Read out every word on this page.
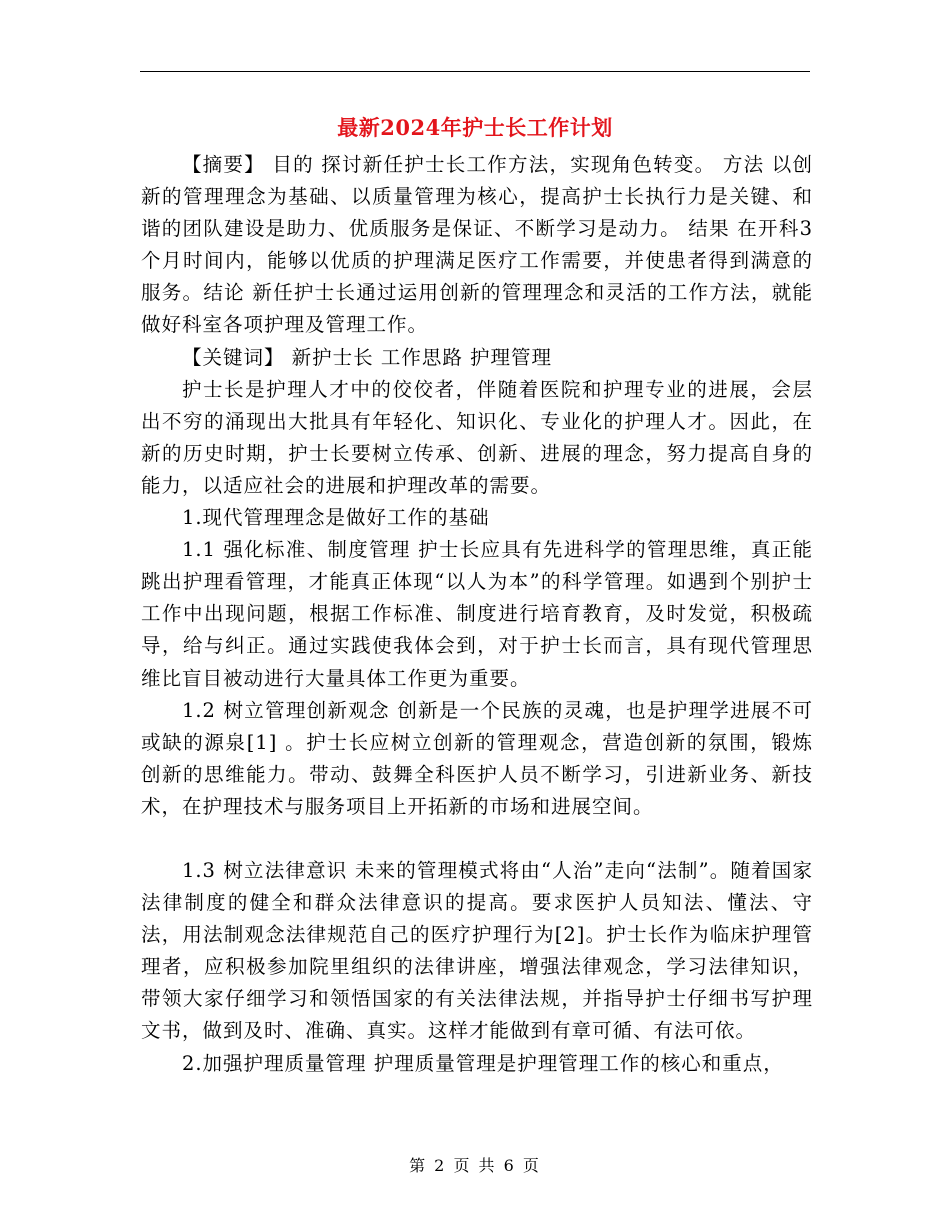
最新2024年护士长工作计划

【摘要】 目的 探讨新任护士长工作方法，实现角色转变。 方法 以创新的管理理念为基础、以质量管理为核心，提高护士长执行力是关键、和谐的团队建设是助力、优质服务是保证、不断学习是动力。 结果 在开科3个月时间内，能够以优质的护理满足医疗工作需要，并使患者得到满意的服务。结论 新任护士长通过运用创新的管理理念和灵活的工作方法，就能做好科室各项护理及管理工作。

【关键词】 新护士长 工作思路 护理管理

护士长是护理人才中的佼佼者，伴随着医院和护理专业的进展，会层出不穷的涌现出大批具有年轻化、知识化、专业化的护理人才。因此，在新的历史时期，护士长要树立传承、创新、进展的理念，努力提高自身的能力，以适应社会的进展和护理改革的需要。

1.现代管理理念是做好工作的基础

1.1 强化标准、制度管理 护士长应具有先进科学的管理思维，真正能跳出护理看管理，才能真正体现“以人为本”的科学管理。如遇到个别护士工作中出现问题，根据工作标准、制度进行培育教育，及时发觉，积极疏导，给与纠正。通过实践使我体会到，对于护士长而言，具有现代管理思维比盲目被动进行大量具体工作更为重要。

1.2 树立管理创新观念 创新是一个民族的灵魂，也是护理学进展不可或缺的源泉[1] 。护士长应树立创新的管理观念，营造创新的氛围，锻炼创新的思维能力。带动、鼓舞全科医护人员不断学习，引进新业务、新技术，在护理技术与服务项目上开拓新的市场和进展空间。

1.3 树立法律意识 未来的管理模式将由“人治”走向“法制”。随着国家法律制度的健全和群众法律意识的提高。要求医护人员知法、懂法、守法，用法制观念法律规范自己的医疗护理行为[2]。护士长作为临床护理管理者，应积极参加院里组织的法律讲座，增强法律观念，学习法律知识，带领大家仔细学习和领悟国家的有关法律法规，并指导护士仔细书写护理文书，做到及时、准确、真实。这样才能做到有章可循、有法可依。

2.加强护理质量管理 护理质量管理是护理管理工作的核心和重点，

第 2 页 共 6 页
